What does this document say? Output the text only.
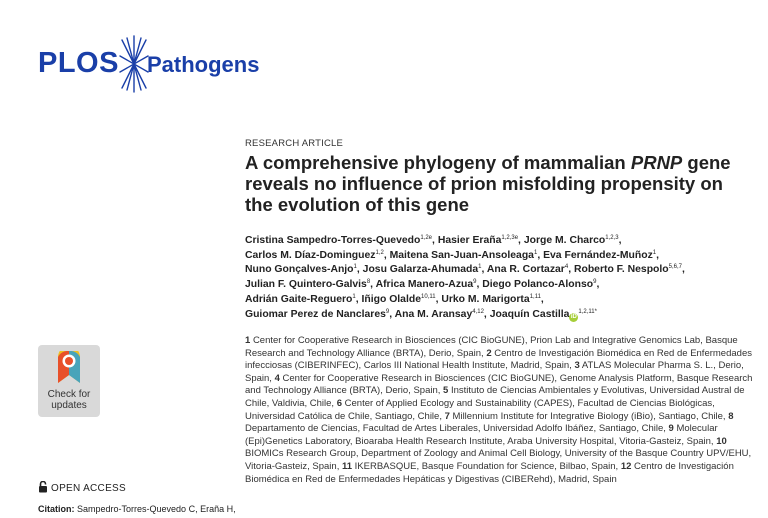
PLOS Pathogens
Check for
updates
OPEN ACCESS
Citation: Sampedro-Torres-Quevedo C, Eraña H,
RESEARCH ARTICLE
A comprehensive phylogeny of mammalian PRNP gene reveals no influence of prion misfolding propensity on the evolution of this gene
Cristina Sampedro-Torres-Quevedo$^{1,2e}$, Hasier Eraña$^{1,2,3e}$, Jorge M. Charco$^{1,2,3}$,
Carlos M. Díaz-Dominguez$^{1,2}$, Maitena San-Juan-Ansoleaga$^1$, Eva Fernández-Muñoz$^1$,
Nuno Gonçalves-Anjo$^1$, Josu Galarza-Ahumada$^1$, Ana R. Cortazar$^4$, Roberto F. Nespolo$^{5,6,7}$,
Julian F. Quintero-Galvis$^8$, Africa Manero-Azua$^9$, Diego Polanco-Alonso$^9$,
Adrián Gaite-Reguero$^1$, Iñigo Olalde$^{10,11}$, Urko M. Marigorta$^{1,11}$,
Guiomar Perez de Nanclares$^9$, Ana M. Aransay$^{4,12}$, Joaquín Castilla $iD^{1,2,11*}$
1 Center for Cooperative Research in Biosciences (CIC BioGUNE), Prion Lab and Integrative Genomics Lab, Basque Research and Technology Alliance (BRTA), Derio, Spain, 2 Centro de Investigación Biomédica en Red de Enfermedades infecciosas (CIBERINFEC), Carlos III National Health Institute, Madrid, Spain, 3 ATLAS Molecular Pharma S. L., Derio, Spain, 4 Center for Cooperative Research in Biosciences (CIC BioGUNE), Genome Analysis Platform, Basque Research and Technology Alliance (BRTA), Derio, Spain, 5 Instituto de Ciencias Ambientales y Evolutivas, Universidad Austral de Chile, Valdivia, Chile, 6 Center of Applied Ecology and Sustainability (CAPES), Facultad de Ciencias Biológicas, Universidad Católica de Chile, Santiago, Chile, 7 Millennium Institute for Integrative Biology (iBio), Santiago, Chile, 8 Departamento de Ciencias, Facultad de Artes Liberales, Universidad Adolfo Ibáñez, Santiago, Chile, 9 Molecular (Epi)Genetics Laboratory, Bioaraba Health Research Institute, Araba University Hospital, Vitoria-Gasteiz, Spain, 10 BIOMICs Research Group, Department of Zoology and Animal Cell Biology, University of the Basque Country UPV/EHU, Vitoria-Gasteiz, Spain, 11 IKERBASQUE, Basque Foundation for Science, Bilbao, Spain, 12 Centro de Investigación Biomédica en Red de Enfermedades Hepáticas y Digestivas (CIBERehd), Madrid, Spain
